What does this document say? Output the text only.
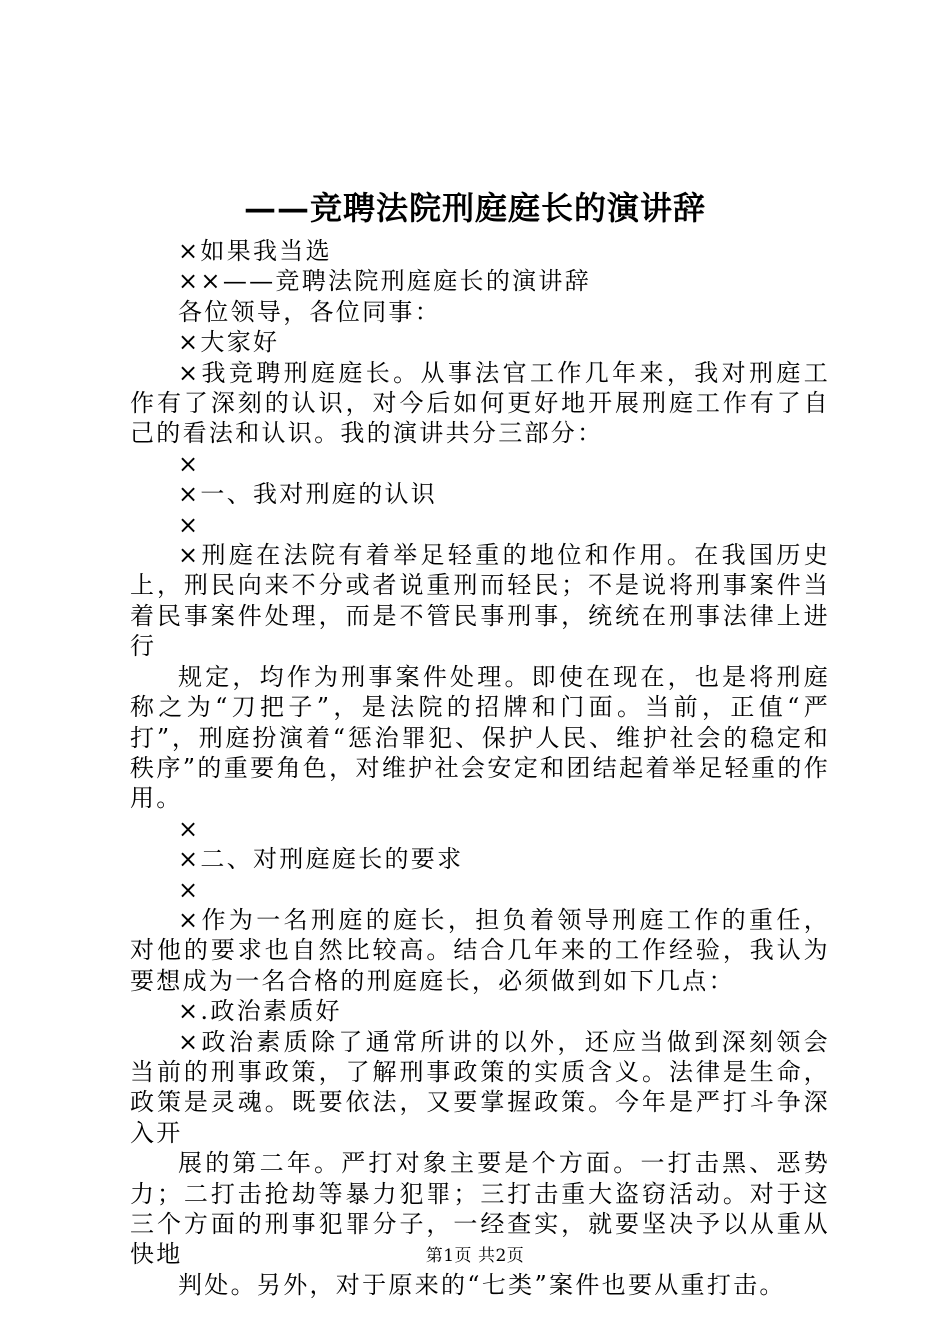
——竞聘法院刑庭庭长的演讲辞

×如果我当选

××——竞聘法院刑庭庭长的演讲辞

各位领导，各位同事：

×大家好

×我竞聘刑庭庭长。从事法官工作几年来，我对刑庭工作有了深刻的认识，对今后如何更好地开展刑庭工作有了自己的看法和认识。我的演讲共分三部分：

×

×一、我对刑庭的认识

×

×刑庭在法院有着举足轻重的地位和作用。在我国历史上，刑民向来不分或者说重刑而轻民；不是说将刑事案件当着民事案件处理，而是不管民事刑事，统统在刑事法律上进行

规定，均作为刑事案件处理。即使在现在，也是将刑庭称之为“刀把子”，是法院的招牌和门面。当前，正值“严打”，刑庭扮演着“惩治罪犯、保护人民、维护社会的稳定和秩序”的重要角色，对维护社会安定和团结起着举足轻重的作用。

×

×二、对刑庭庭长的要求

×

×作为一名刑庭的庭长，担负着领导刑庭工作的重任，对他的要求也自然比较高。结合几年来的工作经验，我认为要想成为一名合格的刑庭庭长，必须做到如下几点：

×.政治素质好

×政治素质除了通常所讲的以外，还应当做到深刻领会当前的刑事政策，了解刑事政策的实质含义。法律是生命，政策是灵魂。既要依法，又要掌握政策。今年是严打斗争深入开

展的第二年。严打对象主要是个方面。一打击黑、恶势力；二打击抢劫等暴力犯罪；三打击重大盗窃活动。对于这三个方面的刑事犯罪分子，一经查实，就要坚决予以从重从快地

判处。另外，对于原来的“七类”案件也要从重打击。

第1页 共2页
